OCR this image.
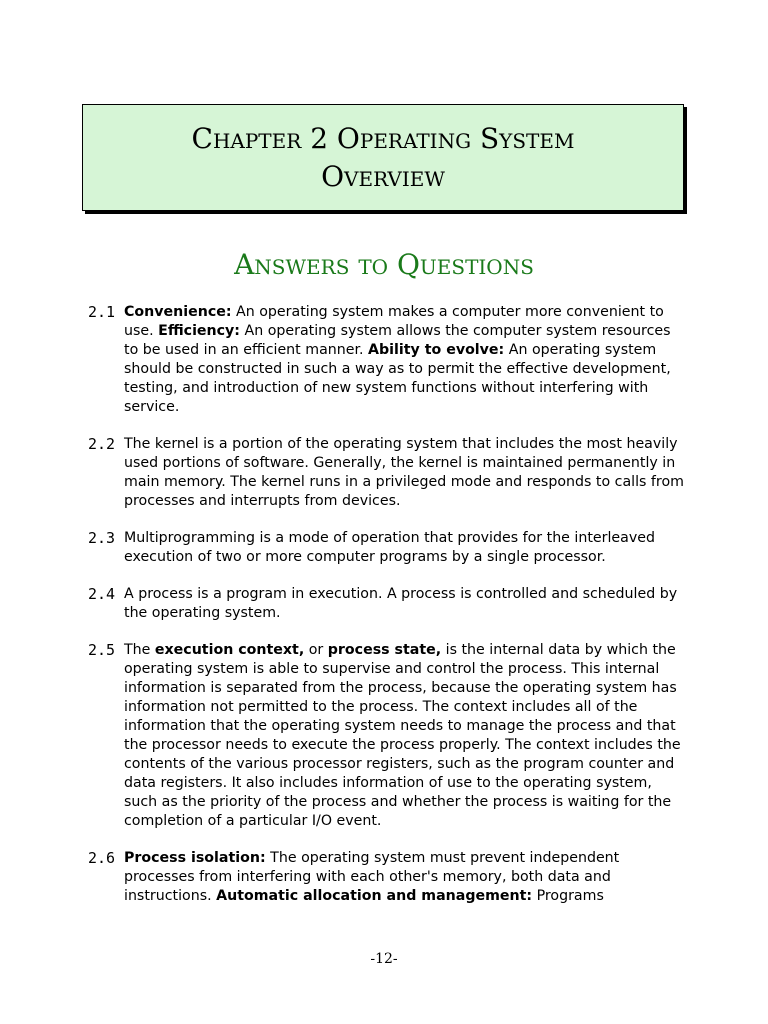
Chapter 2 Operating System
Overview
Answers to Questions
2.1 Convenience: An operating system makes a computer more convenient to use. Efficiency: An operating system allows the computer system resources to be used in an efficient manner. Ability to evolve: An operating system should be constructed in such a way as to permit the effective development, testing, and introduction of new system functions without interfering with service.
2.2 The kernel is a portion of the operating system that includes the most heavily used portions of software. Generally, the kernel is maintained permanently in main memory. The kernel runs in a privileged mode and responds to calls from processes and interrupts from devices.
2.3 Multiprogramming is a mode of operation that provides for the interleaved execution of two or more computer programs by a single processor.
2.4 A process is a program in execution. A process is controlled and scheduled by the operating system.
2.5 The execution context, or process state, is the internal data by which the operating system is able to supervise and control the process. This internal information is separated from the process, because the operating system has information not permitted to the process. The context includes all of the information that the operating system needs to manage the process and that the processor needs to execute the process properly. The context includes the contents of the various processor registers, such as the program counter and data registers. It also includes information of use to the operating system, such as the priority of the process and whether the process is waiting for the completion of a particular I/O event.
2.6 Process isolation: The operating system must prevent independent processes from interfering with each other's memory, both data and instructions. Automatic allocation and management: Programs
-12-
